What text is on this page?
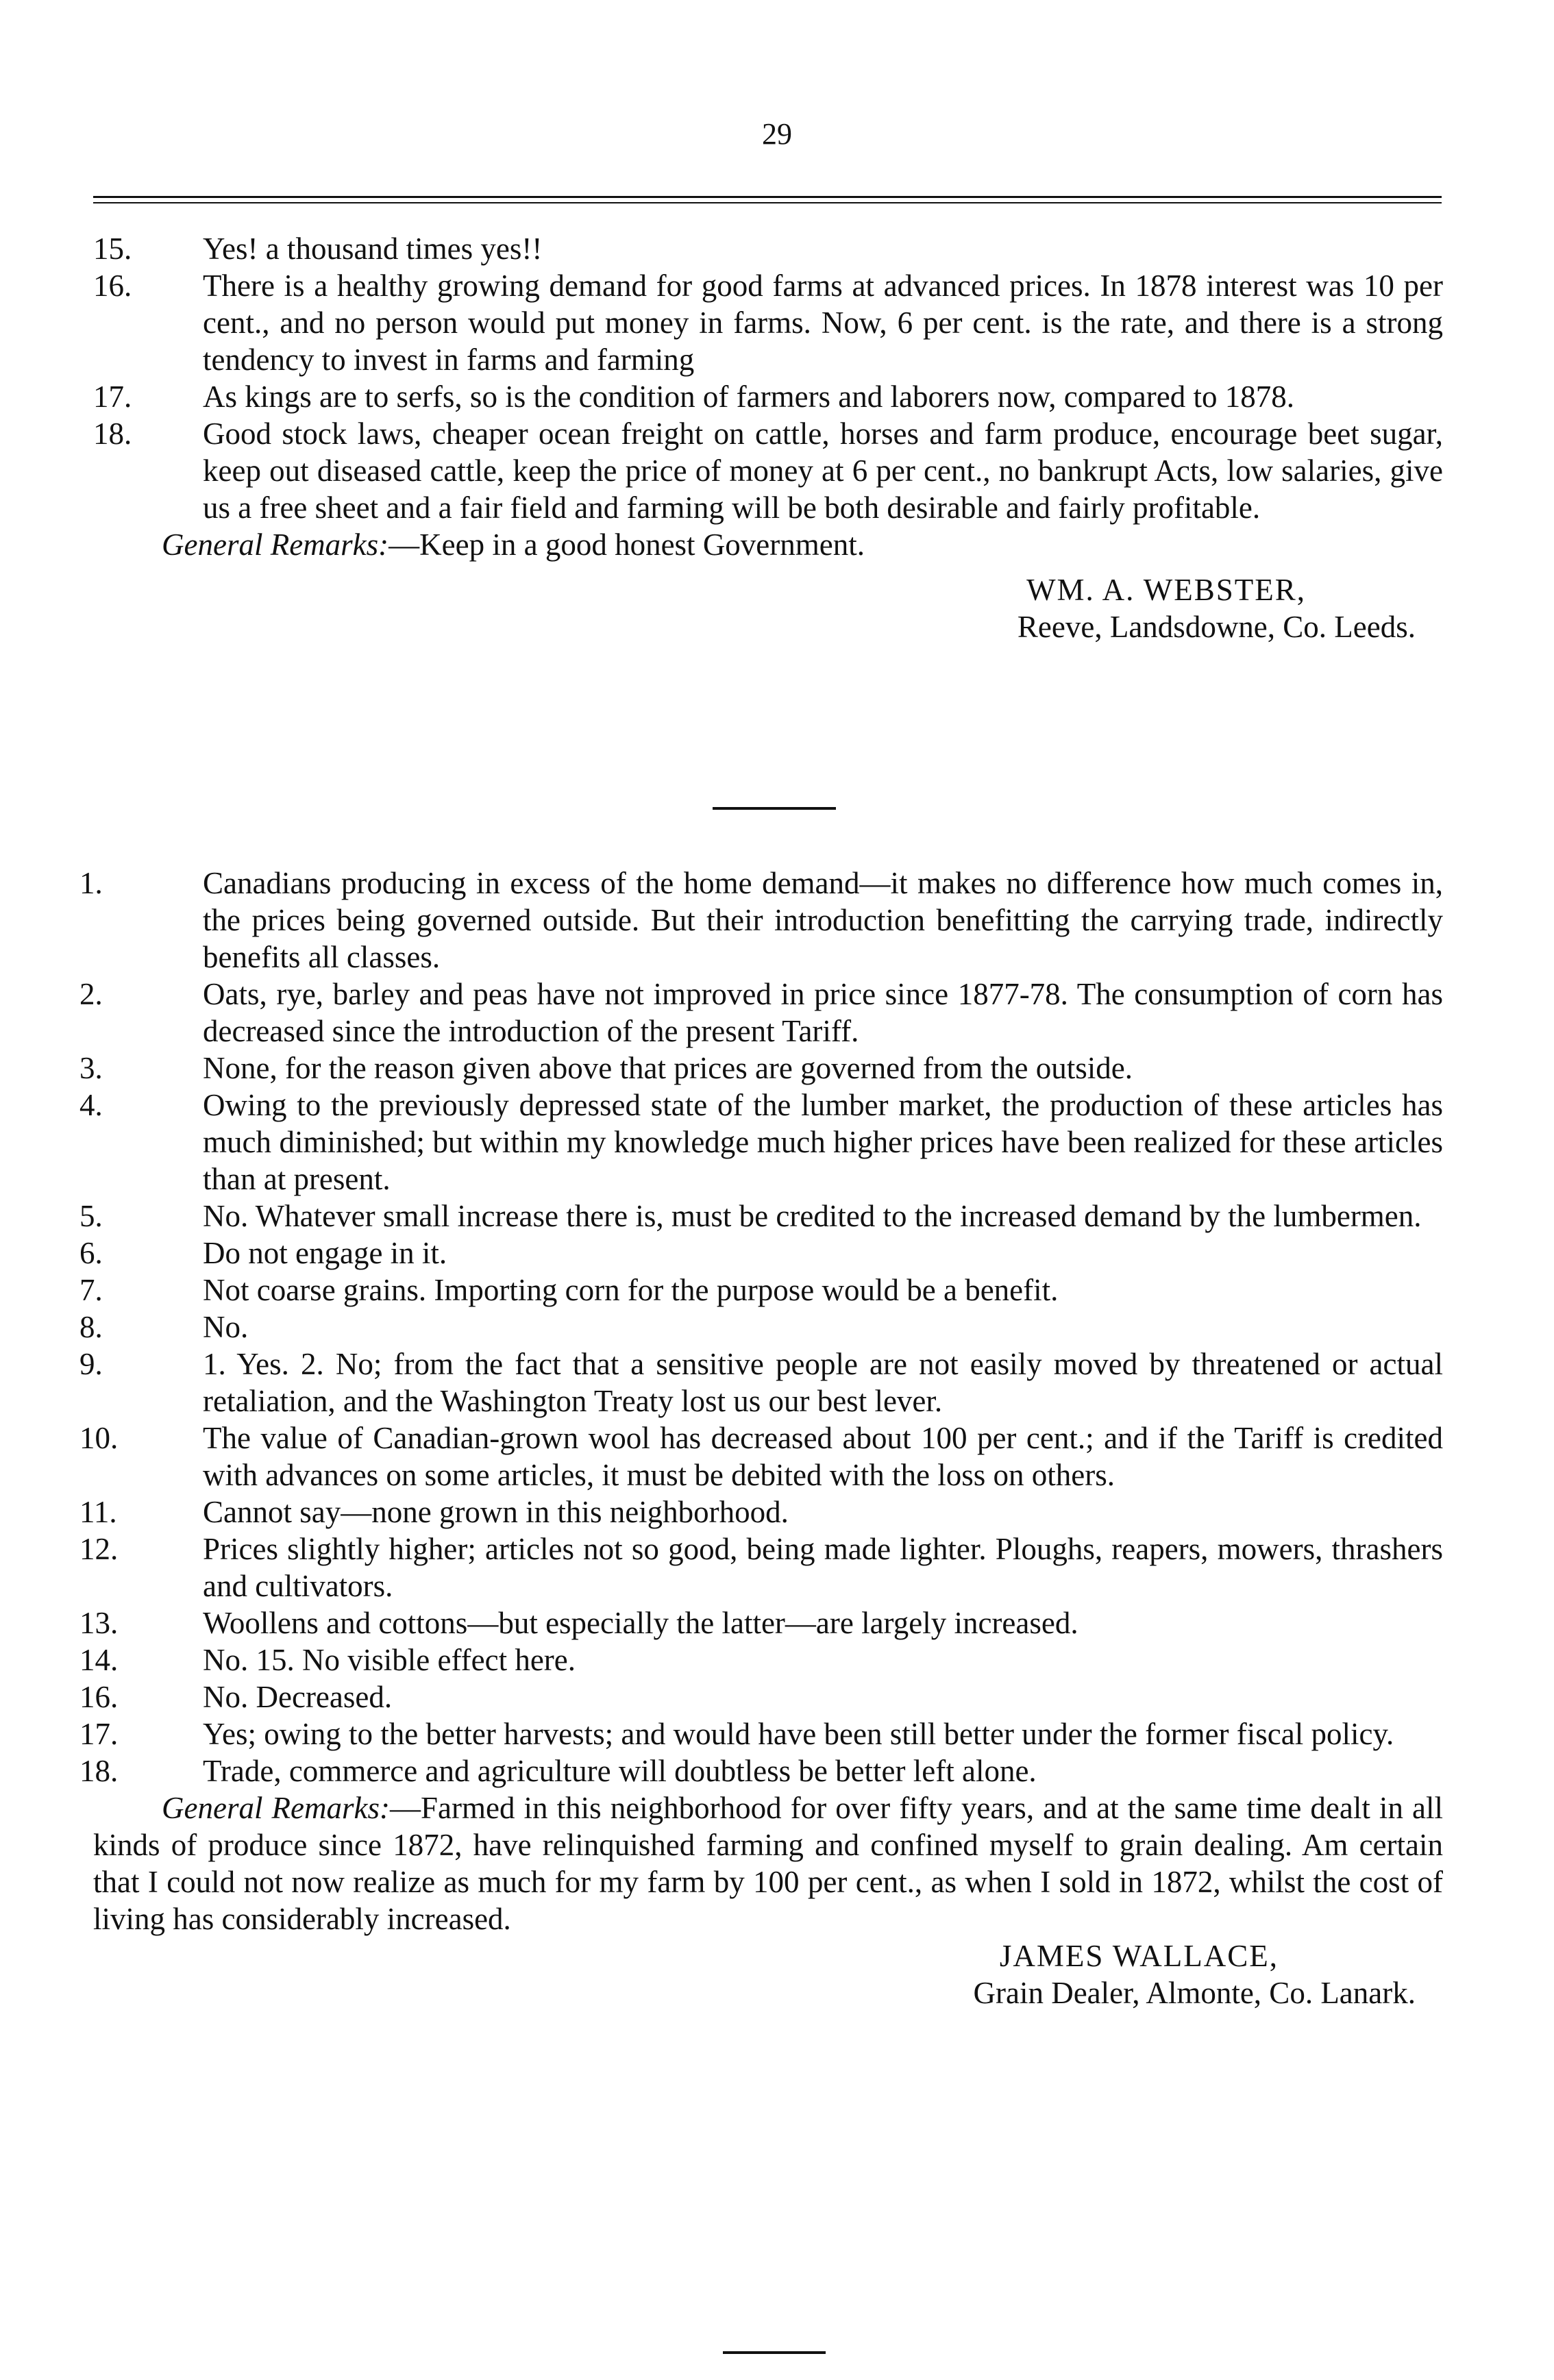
29
15.	Yes! a thousand times yes!!
16.	There is a healthy growing demand for good farms at advanced prices. In 1878 interest was 10 per cent., and no person would put money in farms. Now, 6 per cent. is the rate, and there is a strong tendency to invest in farms and farming
17.	As kings are to serfs, so is the condition of farmers and laborers now, compared to 1878.
18.	Good stock laws, cheaper ocean freight on cattle, horses and farm produce, encourage beet sugar, keep out diseased cattle, keep the price of money at 6 per cent., no bankrupt Acts, low salaries, give us a free sheet and a fair field and farming will be both desirable and fairly profitable.

General Remarks:—Keep in a good honest Government.

WM. A. WEBSTER,

Reeve, Landsdowne, Co. Leeds.

1.	Canadians producing in excess of the home demand—it makes no difference how much comes in, the prices being governed outside. But their introduction benefitting the carrying trade, indirectly benefits all classes.
2.	Oats, rye, barley and peas have not improved in price since 1877-78. The consumption of corn has decreased since the introduction of the present Tariff.
3.	None, for the reason given above that prices are governed from the outside.
4.	Owing to the previously depressed state of the lumber market, the production of these articles has much diminished; but within my knowledge much higher prices have been realized for these articles than at present.
5.	No. Whatever small increase there is, must be credited to the increased demand by the lumbermen.
6.	Do not engage in it.
7.	Not coarse grains. Importing corn for the purpose would be a benefit.
8.	No.
9.	1. Yes. 2. No; from the fact that a sensitive people are not easily moved by threatened or actual retaliation, and the Washington Treaty lost us our best lever.
10.	The value of Canadian-grown wool has decreased about 100 per cent.; and if the Tariff is credited with advances on some articles, it must be debited with the loss on others.
11.	Cannot say—none grown in this neighborhood.
12.	Prices slightly higher; articles not so good, being made lighter. Ploughs, reapers, mowers, thrashers and cultivators.
13.	Woollens and cottons—but especially the latter—are largely increased.
14.	No. 15. No visible effect here.
16.	No. Decreased.
17.	Yes; owing to the better harvests; and would have been still better under the former fiscal policy.
18.	Trade, commerce and agriculture will doubtless be better left alone.

General Remarks:—Farmed in this neighborhood for over fifty years, and at the same time dealt in all kinds of produce since 1872, have relinquished farming and confined myself to grain dealing. Am certain that I could not now realize as much for my farm by 100 per cent., as when I sold in 1872, whilst the cost of living has considerably increased.

JAMES WALLACE,

Grain Dealer, Almonte, Co. Lanark.
